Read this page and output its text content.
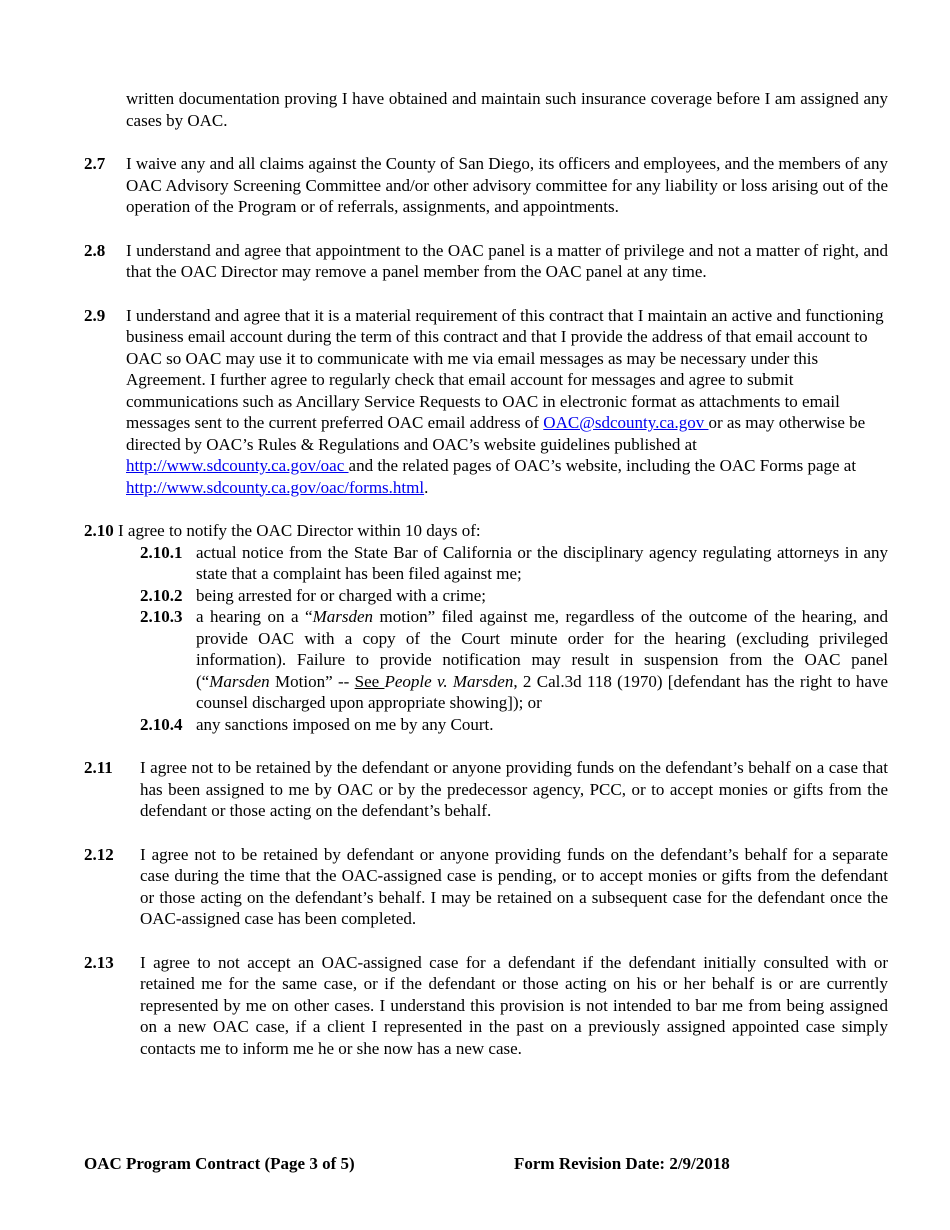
written documentation proving I have obtained and maintain such insurance coverage before I am assigned any cases by OAC.

2.7 I waive any and all claims against the County of San Diego, its officers and employees, and the members of any OAC Advisory Screening Committee and/or other advisory committee for any liability or loss arising out of the operation of the Program or of referrals, assignments, and appointments.

2.8 I understand and agree that appointment to the OAC panel is a matter of privilege and not a matter of right, and that the OAC Director may remove a panel member from the OAC panel at any time.

2.9 I understand and agree that it is a material requirement of this contract that I maintain an active and functioning business email account during the term of this contract and that I provide the address of that email account to OAC so OAC may use it to communicate with me via email messages as may be necessary under this Agreement. I further agree to regularly check that email account for messages and agree to submit communications such as Ancillary Service Requests to OAC in electronic format as attachments to email messages sent to the current preferred OAC email address of OAC@sdcounty.ca.gov or as may otherwise be directed by OAC’s Rules & Regulations and OAC’s website guidelines published at http://www.sdcounty.ca.gov/oac and the related pages of OAC’s website, including the OAC Forms page at http://www.sdcounty.ca.gov/oac/forms.html.

2.10 I agree to notify the OAC Director within 10 days of:

2.10.1 actual notice from the State Bar of California or the disciplinary agency regulating attorneys in any state that a complaint has been filed against me;
2.10.2 being arrested for or charged with a crime;
2.10.3 a hearing on a “Marsden motion” filed against me, regardless of the outcome of the hearing, and provide OAC with a copy of the Court minute order for the hearing (excluding privileged information). Failure to provide notification may result in suspension from the OAC panel (“Marsden Motion” -- See People v. Marsden, 2 Cal.3d 118 (1970) [defendant has the right to have counsel discharged upon appropriate showing]); or
2.10.4 any sanctions imposed on me by any Court.

2.11 I agree not to be retained by the defendant or anyone providing funds on the defendant’s behalf on a case that has been assigned to me by OAC or by the predecessor agency, PCC, or to accept monies or gifts from the defendant or those acting on the defendant’s behalf.

2.12 I agree not to be retained by defendant or anyone providing funds on the defendant’s behalf for a separate case during the time that the OAC-assigned case is pending, or to accept monies or gifts from the defendant or those acting on the defendant’s behalf. I may be retained on a subsequent case for the defendant once the OAC-assigned case has been completed.

2.13 I agree to not accept an OAC-assigned case for a defendant if the defendant initially consulted with or retained me for the same case, or if the defendant or those acting on his or her behalf is or are currently represented by me on other cases. I understand this provision is not intended to bar me from being assigned on a new OAC case, if a client I represented in the past on a previously assigned appointed case simply contacts me to inform me he or she now has a new case.

OAC Program Contract (Page 3 of 5)	Form Revision Date: 2/9/2018
